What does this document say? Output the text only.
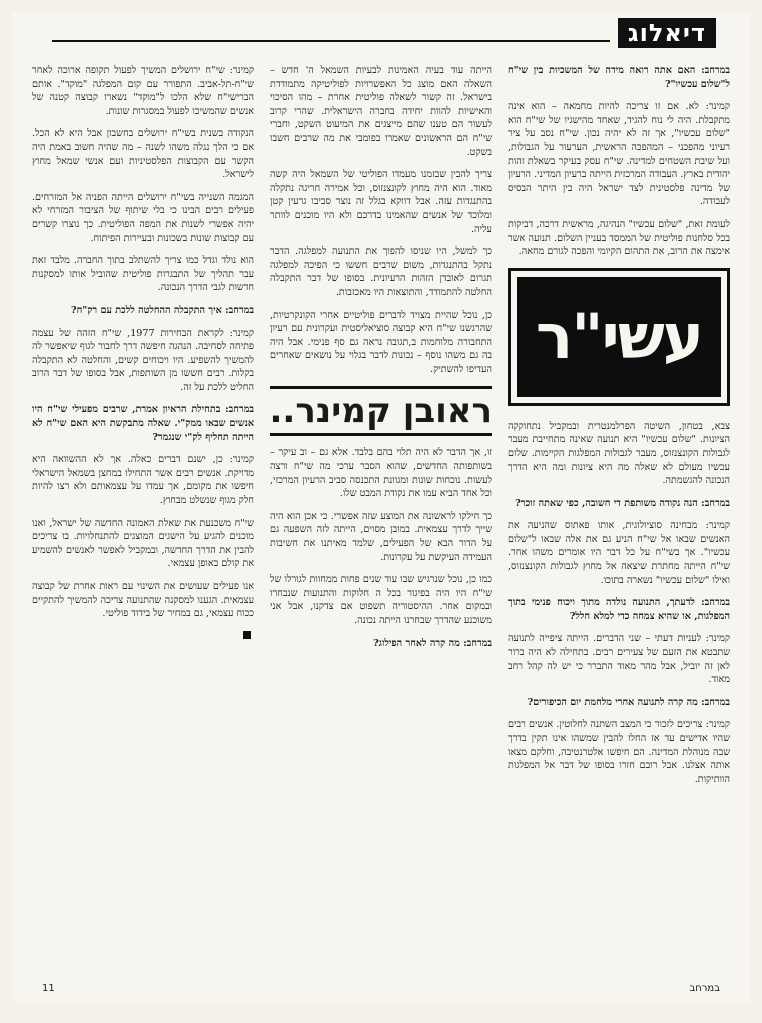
דיאלוג

במרחב: האם אתה רואה מידה של המשכיות בין שי"ח ל"שלום עכשיו"?

קמינר: לא. אם זו צריכה להיות מחמאה – הוא אינה מתקבלת. היה לי נוח להגיד, שאחד מהישגיו של שי"ח הוא "שלום עכשיו", אך זה לא יהיה נכון. שי"ח נסב על ציר רעיוני מהפכני – המהפכה הראשית, הערעור על הגבולות, ועל שיבת השטחים למדינה. שי"ח עסק בעיקר בשאלת זהות יהודית בארץ. העבודה המרכזית הייתה ברעיון המדיני. הרעיון של מדינה פלסטינית לצד ישראל היה בין היתר הבסיס לעבודה.

לעומת זאת, "שלום עכשיו" הנהיגה, מראשית דרכה, דביקות בכל סלחנות פוליטית של הממסד בעניין השלום. תנועה אשר אימצה את הרוב, את התהום הקיומי והפכה לגורם מחאה.

עשי"ר

צבא, בטחון, השיטה הפרלמנטרית ובמקביל נתחוקקה הציונות. "שלום עכשיו" היא תנועה שאינה מתחייבת מעבר לגבולות הקונצנזוס, מעבר לגבולות המפלגות הקיימות. שלום עכשיו מעולם לא שאלה מה היא ציונות ומה היא הדרך הנכונה להגשמתה.

במרחב: הנה נקודה משותפת די חשובה, כפי שאתה זוכר?

קמינר: מבחינה סוציולוגית, אותו פאתוס שהניעה את האנשים שבאו אל שי"ח הניע גם את אלה שבאו ל"שלום עכשיו". אך בשי"ח על כל דבר היו אומרים משהו אחר. שי"ח הייתה מחתרת שיצאה אל מחוץ לגבולות הקונצנזוס, ואילו "שלום עכשיו" נשארה בתוכו.

במרחב: לדעתך, התנועה נולדה מתוך ויכוח פנימי בתוך המפלגות, או שהיא צמחה כדי למלא חלל?

קמינר: לעניות דעתי – שני הדברים. הייתה ציפייה לתנועה שתבטא את הזעם של צעירים רבים. בתחילה לא היה ברור לאן זה יוביל, אבל מהר מאוד התברר כי יש לה קהל רחב מאוד.

במרחב: מה קרה לתנועה אחרי מלחמת יום הכיפורים?

קמינר: צריכים לזכור כי המצב השתנה לחלוטין. אנשים רבים שהיו אדישים עד אז החלו להבין שמשהו אינו תקין בדרך שבה מנוהלת המדינה. הם חיפשו אלטרנטיבה, וחלקם מצאו אותה אצלנו. אבל רובם חזרו בסופו של דבר אל המפלגות הוותיקות.

הייתה עוד בעיה האמינות לבעיות השמאל ה' חדש – השאלה האם מוצג כל האפשרויות לפוליטיקה מתמודדת בישראל. זה קשור לשאלה פוליטית אחרת – מהו הסיכוי והאישיות להוות יחידה בחברה הישראלית. שהרי קרוב לעשור הם טענו שהם מייצגים את המיעוט השקט, וחברי שי"ח הם הראשונים שאמרו בפומבי את מה שרבים חשבו בשקט.

צריך להבין שבזמנו מעמדו הפוליטי של השמאל היה קשה מאוד. הוא היה מחוץ לקונצנזוס, וכל אמירה חריגה נתקלה בהתנגדות עזה. אבל דווקא בגלל זה נוצר סביבו גרעין קטן ומלוכד של אנשים שהאמינו בדרכם ולא היו מוכנים לוותר עליה.

כך למשל, היו שניסו להפוך את התנועה למפלגה. הדבר נתקל בהתנגדות, משום שרבים חששו כי הפיכה למפלגה תגרום לאובדן הזהות הרעיונית. בסופו של דבר התקבלה החלטה להתמודד, והתוצאות היו מאכזבות.

כן, נוכל שהיית מצויד לדברים פוליטיים אחרי הקונקרטיות, שהרגשנו שי"ח היא קבוצה סוציאליסטית ועקרונית עם רעיון התחבורה מלוחמות ב,תגובה נראה גם סף פנימי. אבל היה בה גם משהו נוסף – נכונות לדבר בגלוי על נושאים שאחרים העדיפו להשתיק.

ראובן קמינר..

זו, אך הדבר לא היה תלוי בהם בלבד. אלא גם – וב עיקר – בשותפותה החדשים, שהוא הסבר ערכי מה שי"ח ורצה לעשות. נוכחות שונות ומגוונת התכנסה סביב הרעיון המרכזי, וכל אחד הביא עמו את נקודת המבט שלו.

כך חילקו לראשונה את המוצע שזה אפשרי. כי אכן הוא היה שייך לדרך עצמאית. במובן מסוים, הייתה לזה השפעה גם על הדור הבא של הפעילים, שלמד מאיתנו את חשיבות העמידה העיקשת על עקרונות.

כמו כן, נוכל שנרגיש שבו עוד שנים פחות ממחוות לגורלו של שי"ח היו היה בפיגור בכל ה חלוקות והתנועות שנבחרו ובמקום אחר. ההיסטוריה תשפוט אם צדקנו, אבל אני משוכנע שהדרך שבחרנו הייתה נכונה.

במרחב: מה קרה לאחר הפילוג?

קמינר: שי"ח ירושלים המשיך לפעול תקופה ארוכה לאחר שי"ח-תל-אביב. התפורר עם קום המפלגה "מוקד". אותם הברישי"ח שלא הלכו ל"מוקד" נשארו קבוצה קטנה של אנשים שהמשיכו לפעול במסגרות שונות.

הנקודה בשנית בשי"ח ירושלים בחשבון אבל היא לא הכל. אם כי הלך נגלה משהו לשנה – מה שהיה חשוב באמת היה הקשר עם הקבוצות הפלסטיניות ועם אנשי שמאל מחוץ לישראל.

המגמה השנייה בשי"ח ירושלים הייתה הפניה אל המזרחים. פעילים רבים הבינו כי בלי שיתוף של הציבור המזרחי לא יהיה אפשרי לשנות את המפה הפוליטית. כך נוצרו קשרים עם קבוצות שונות בשכונות ובעיירות הפיתוח.

הוא נולד וגדל כמו צריך להשתלב בתוך החברה. מלבד זאת עבר תהליך של התבגרות פוליטית שהוביל אותו למסקנות חדשות לגבי הדרך הנכונה.

במרחב: איך התקבלה ההחלטה ללכת עם רק"ח?

קמינר: לקראת הבחירות 1977, שי"ח הזהה של עצמה פתיחה לסחיבה. הנהגה חיפשה דרך לחבור לגוף שיאפשר לה להמשיך להשפיע. היו ויכוחים קשים, והחלטה לא התקבלה בקלות. רבים חששו מן השותפות, אבל בסופו של דבר הרוב החליט ללכת על זה.

במרחב: בתחילת הראיון אמרת, שרבים מפעילי שי"ח היו אנשים שבאו ממק"י. שאלה מתבקשת היא האם שי"ח לא הייתה תחליף לק"י שנגמר?

קמינר: כן, ישנם דברים כאלה. אך לא ההשוואה היא מדויקת. אנשים רבים אשר התחילו במחצן בשמאל הישראלי חיפשו את מקומם, אך עמדו על עצמאותם ולא רצו להיות חלק מגוף שנשלט מבחוץ.

שי"ח משכנעת את שאלת האמונה החדשה של ישראל, ואנו מוכנים להגיע על הישגים המוצגים להתנחלויות. בו צריכים להבין את הדרך החדשה, ובמקביל לאפשר לאנשים להשמיע את קולם באופן עצמאי.

אנו פעילים שעושים את השינוי עם ראות אחרת של קבוצה עצמאית. הגענו למסקנה שהתנועה צריכה להמשיך להתקיים ככוח עצמאי, גם במחיר של בידוד פוליטי.

11	במרחב
